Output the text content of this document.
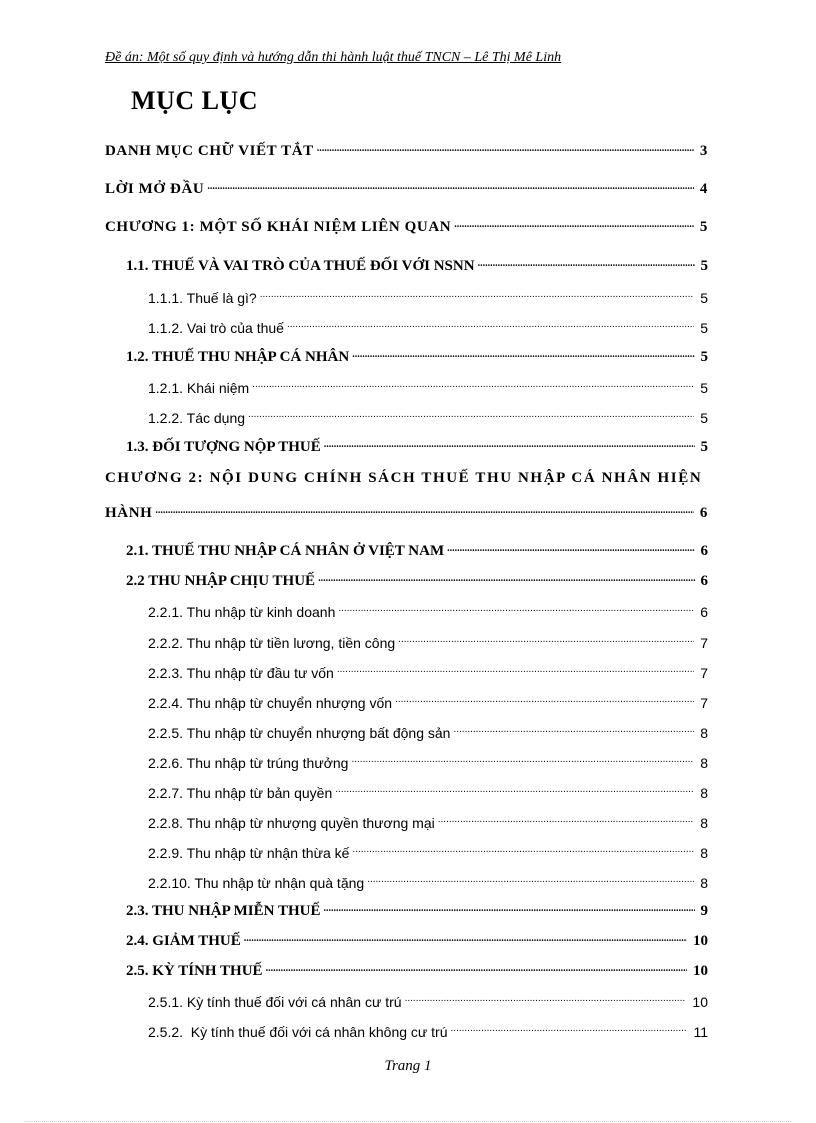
Đề án: Một số quy định và hướng dẫn thi hành luật thuế TNCN – Lê Thị Mê Linh
MỤC LỤC
DANH MỤC CHỮ VIẾT TẮT .....	3
LỜI MỞ ĐẦU .....	4
CHƯƠNG 1: MỘT SỐ KHÁI NIỆM LIÊN QUAN .....	5
1.1. THUẾ VÀ VAI TRÒ CỦA THUẾ ĐỐI VỚI NSNN .....	5
1.1.1. Thuế là gì? .....	5
1.1.2. Vai trò của thuế .....	5
1.2. THUẾ THU NHẬP CÁ NHÂN .....	5
1.2.1. Khái niệm .....	5
1.2.2. Tác dụng .....	5
1.3. ĐỐI TƯỢNG NỘP THUẾ .....	5
CHƯƠNG 2: NỘI DUNG CHÍNH SÁCH THUẾ THU NHẬP CÁ NHÂN HIỆN
HÀNH .....	6
2.1. THUẾ THU NHẬP CÁ NHÂN Ở VIỆT NAM .....	6
2.2 THU NHẬP CHỊU THUẾ .....	6
2.2.1. Thu nhập từ kinh doanh .....	6
2.2.2. Thu nhập từ tiền lương, tiền công .....	7
2.2.3. Thu nhập từ đầu tư vốn .....	7
2.2.4. Thu nhập từ chuyển nhượng vốn .....	7
2.2.5. Thu nhập từ chuyển nhượng bất động sản .....	8
2.2.6. Thu nhập từ trúng thưởng .....	8
2.2.7. Thu nhập từ bản quyền .....	8
2.2.8. Thu nhập từ nhượng quyền thương mại .....	8
2.2.9. Thu nhập từ nhận thừa kế .....	8
2.2.10. Thu nhập từ nhận quà tặng .....	8
2.3. THU NHẬP MIỄN THUẾ .....	9
2.4. GIẢM THUẾ .....	10
2.5. KỲ TÍNH THUẾ .....	10
2.5.1. Kỳ tính thuế đối với cá nhân cư trú .....	10
2.5.2.  Kỳ tính thuế đối với cá nhân không cư trú .....	11
Trang 1
